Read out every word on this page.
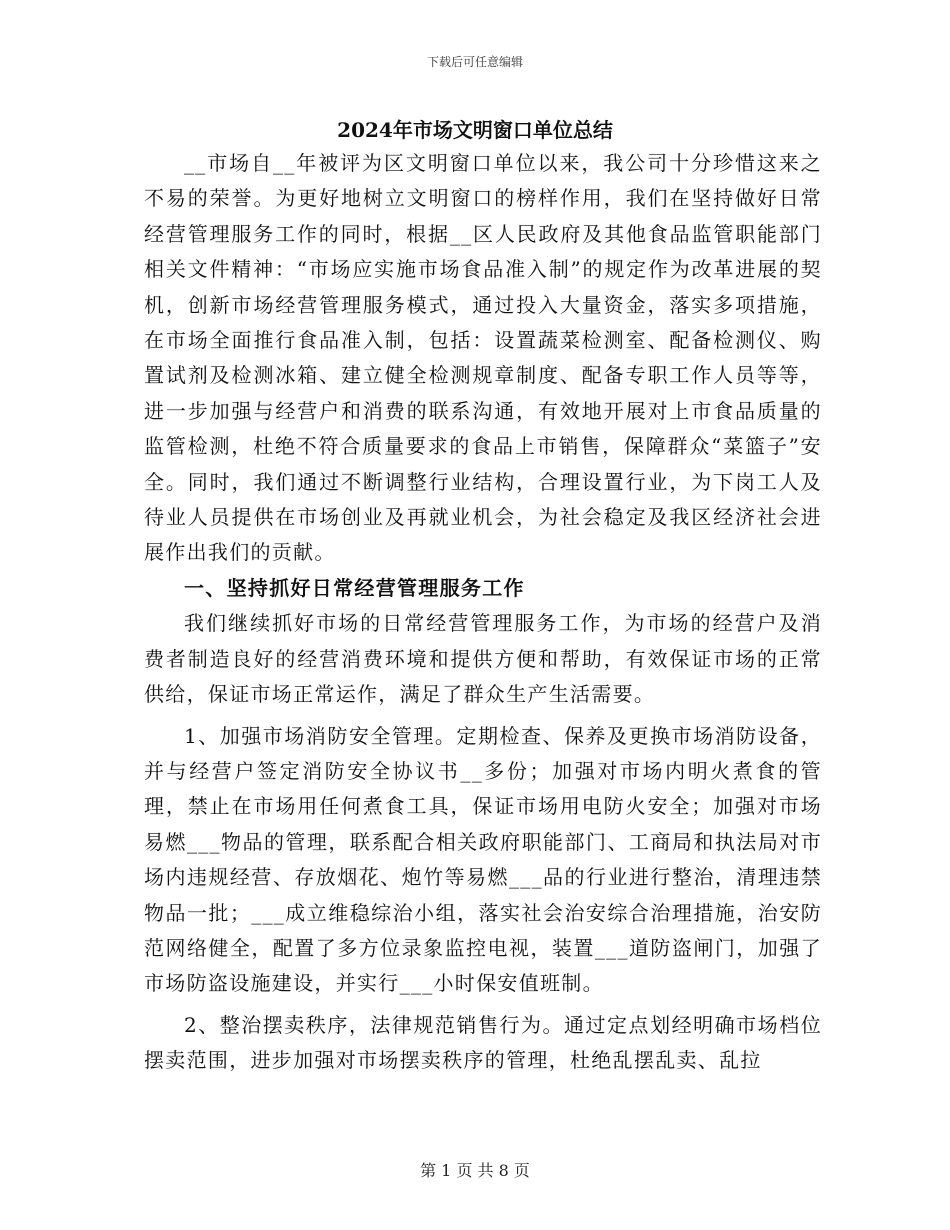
下载后可任意编辑
2024年市场文明窗口单位总结

__市场自__年被评为区文明窗口单位以来，我公司十分珍惜这来之不易的荣誉。为更好地树立文明窗口的榜样作用，我们在坚持做好日常经营管理服务工作的同时，根据__区人民政府及其他食品监管职能部门相关文件精神：“市场应实施市场食品准入制”的规定作为改革进展的契机，创新市场经营管理服务模式，通过投入大量资金，落实多项措施，在市场全面推行食品准入制，包括：设置蔬菜检测室、配备检测仪、购置试剂及检测冰箱、建立健全检测规章制度、配备专职工作人员等等，进一步加强与经营户和消费的联系沟通，有效地开展对上市食品质量的监管检测，杜绝不符合质量要求的食品上市销售，保障群众“菜篮子”安全。同时，我们通过不断调整行业结构，合理设置行业，为下岗工人及待业人员提供在市场创业及再就业机会，为社会稳定及我区经济社会进展作出我们的贡献。

一、坚持抓好日常经营管理服务工作

我们继续抓好市场的日常经营管理服务工作，为市场的经营户及消费者制造良好的经营消费环境和提供方便和帮助，有效保证市场的正常供给，保证市场正常运作，满足了群众生产生活需要。

1、加强市场消防安全管理。定期检查、保养及更换市场消防设备，并与经营户签定消防安全协议书__多份；加强对市场内明火煮食的管理，禁止在市场用任何煮食工具，保证市场用电防火安全；加强对市场易燃___物品的管理，联系配合相关政府职能部门、工商局和执法局对市场内违规经营、存放烟花、炮竹等易燃___品的行业进行整治，清理违禁物品一批；___成立维稳综治小组，落实社会治安综合治理措施，治安防范网络健全，配置了多方位录象监控电视，装置___道防盗闸门，加强了市场防盗设施建设，并实行___小时保安值班制。

2、整治摆卖秩序，法律规范销售行为。通过定点划经明确市场档位摆卖范围，进步加强对市场摆卖秩序的管理，杜绝乱摆乱卖、乱拉

第 1 页 共 8 页
